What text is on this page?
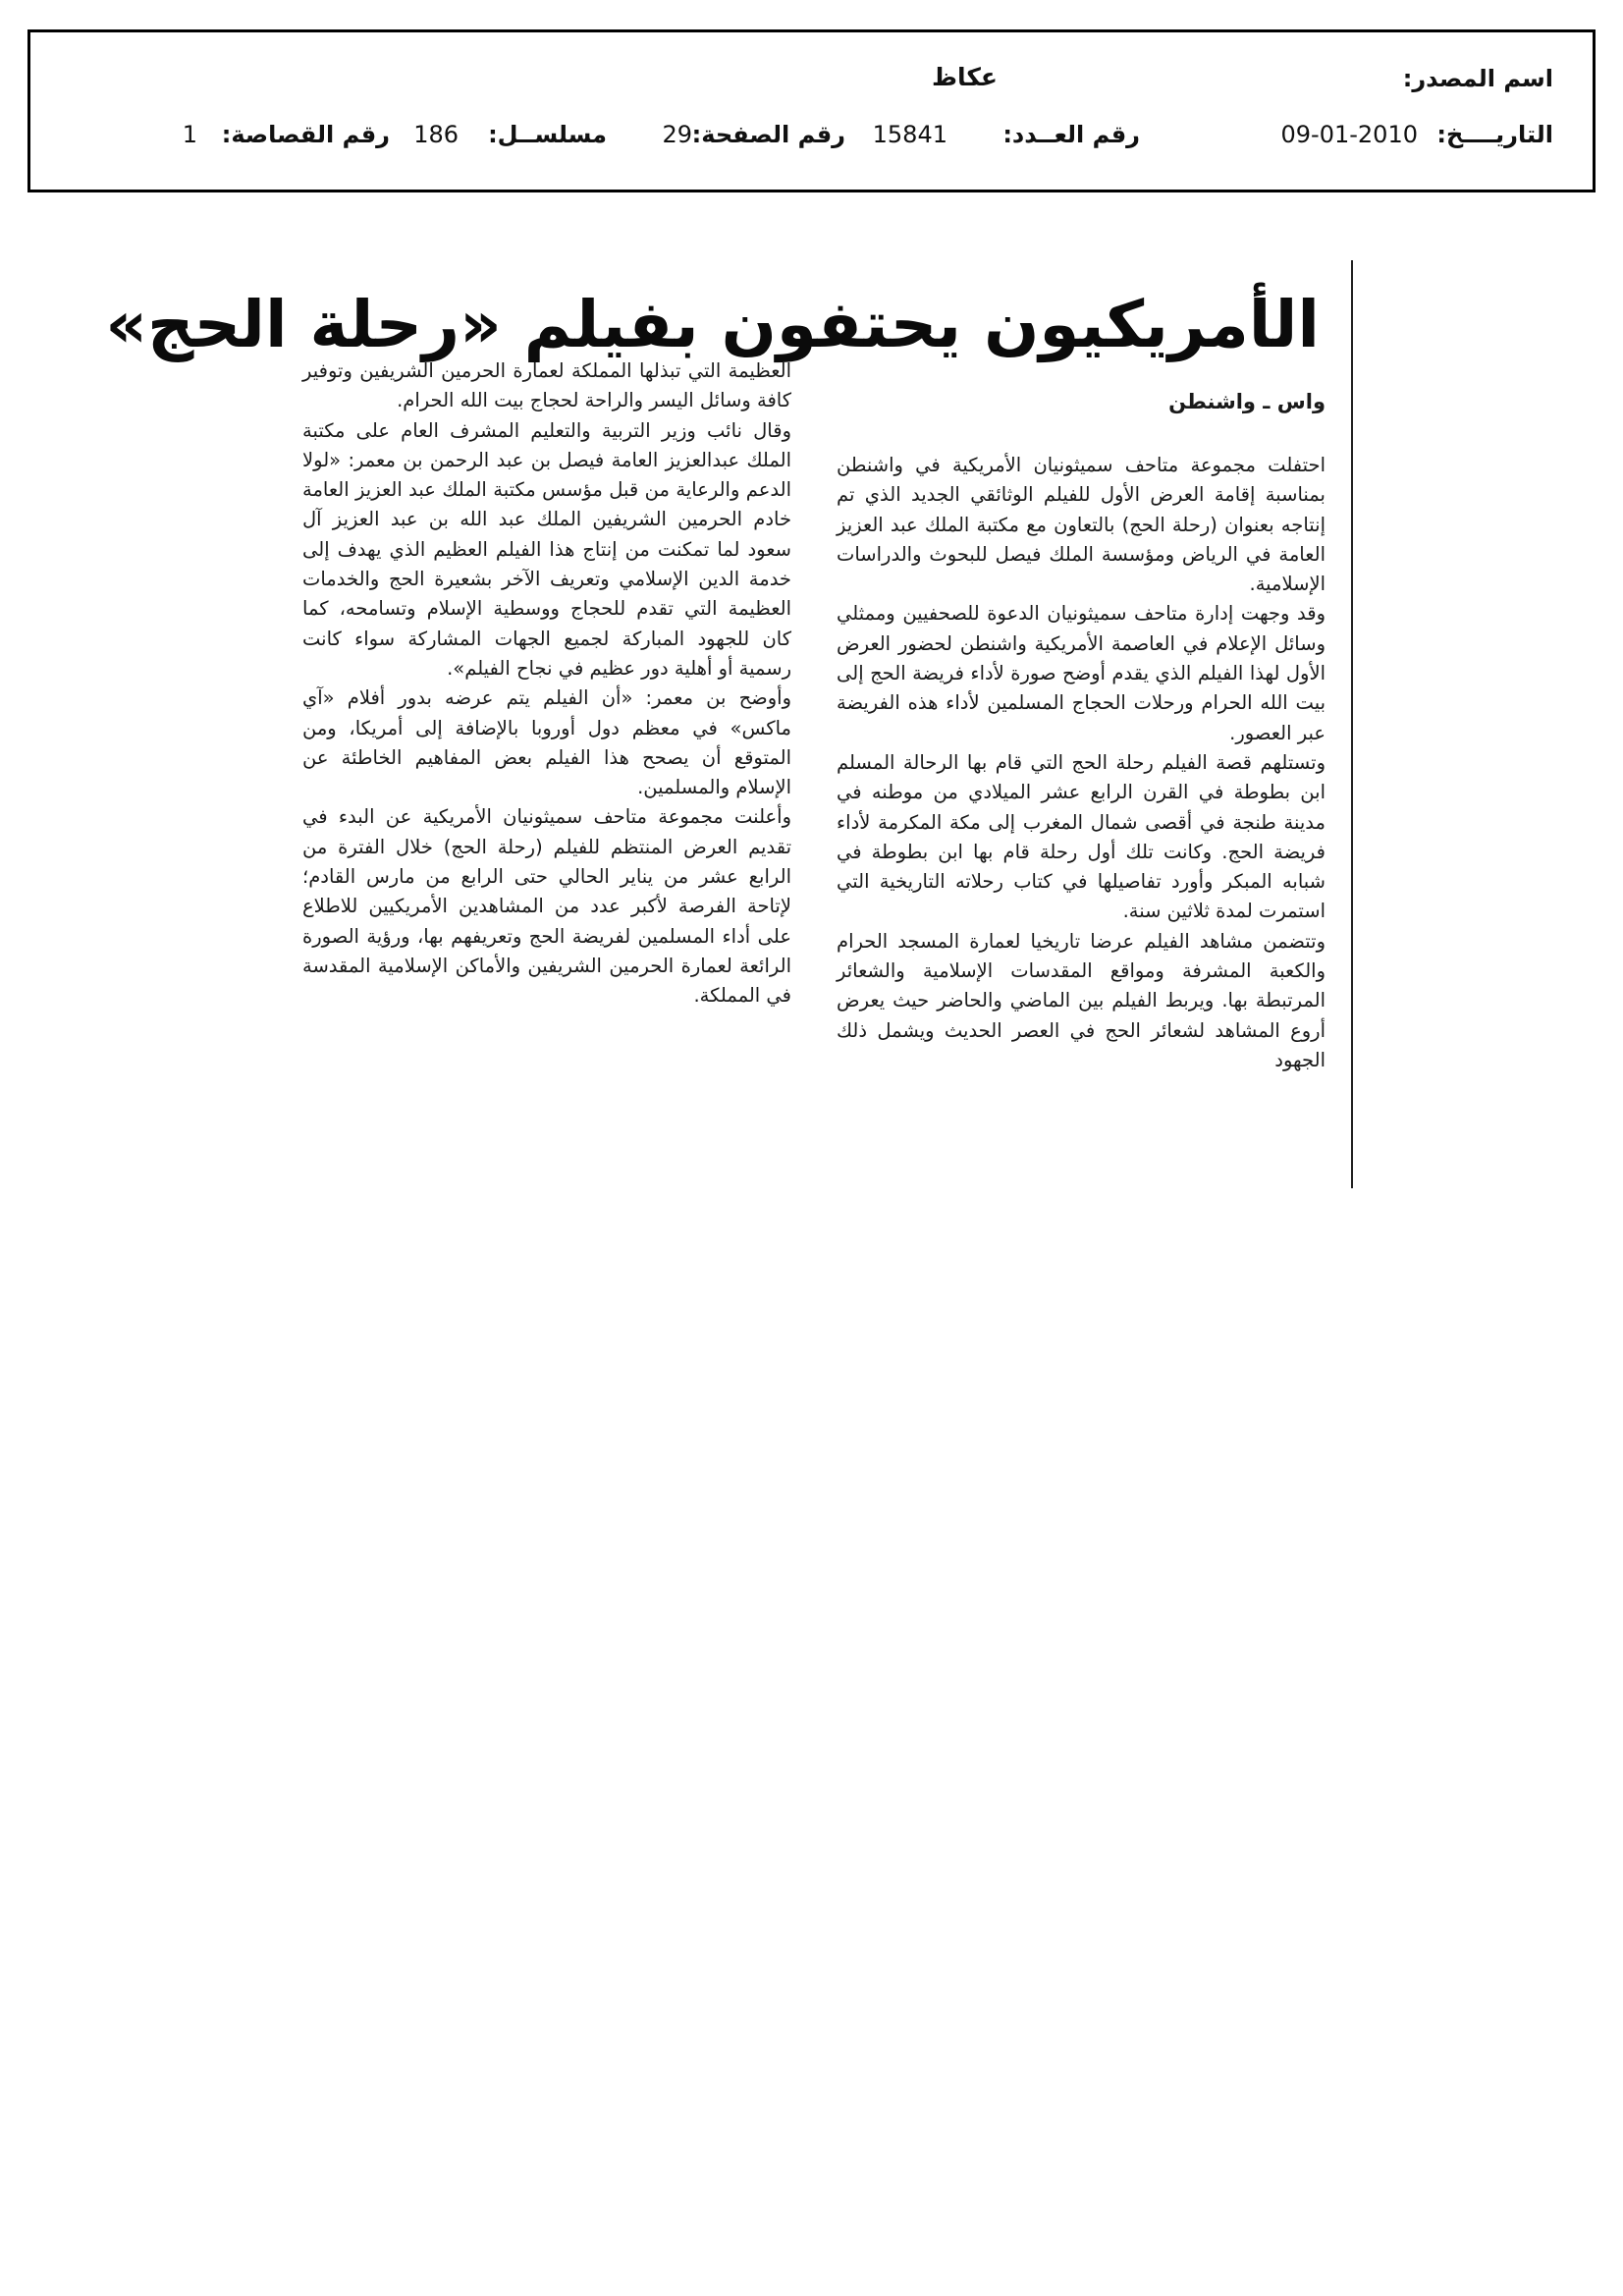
اسم المصدر:
عكاظ
التاريــــخ:
09-01-2010
رقم العــدد:
15841
رقم الصفحة:
29
مسلســل:
186
رقم القصاصة:
1
الأمريكيون يحتفون بفيلم «رحلة الحج»
واس ـ واشنطن

احتفلت مجموعة متاحف سميثونيان الأمريكية في واشنطن بمناسبة إقامة العرض الأول للفيلم الوثائقي الجديد الذي تم إنتاجه بعنوان (رحلة الحج) بالتعاون مع مكتبة الملك عبد العزيز العامة في الرياض ومؤسسة الملك فيصل للبحوث والدراسات الإسلامية.

وقد وجهت إدارة متاحف سميثونيان الدعوة للصحفيين وممثلي وسائل الإعلام في العاصمة الأمريكية واشنطن لحضور العرض الأول لهذا الفيلم الذي يقدم أوضح صورة لأداء فريضة الحج إلى بيت الله الحرام ورحلات الحجاج المسلمين لأداء هذه الفريضة عبر العصور.

وتستلهم قصة الفيلم رحلة الحج التي قام بها الرحالة المسلم ابن بطوطة في القرن الرابع عشر الميلادي من موطنه في مدينة طنجة في أقصى شمال المغرب إلى مكة المكرمة لأداء فريضة الحج. وكانت تلك أول رحلة قام بها ابن بطوطة في شبابه المبكر وأورد تفاصيلها في كتاب رحلاته التاريخية التي استمرت لمدة ثلاثين سنة.

وتتضمن مشاهد الفيلم عرضا تاريخيا لعمارة المسجد الحرام والكعبة المشرفة ومواقع المقدسات الإسلامية والشعائر المرتبطة بها. ويربط الفيلم بين الماضي والحاضر حيث يعرض أروع المشاهد لشعائر الحج في العصر الحديث ويشمل ذلك الجهود

العظيمة التي تبذلها المملكة لعمارة الحرمين الشريفين وتوفير كافة وسائل اليسر والراحة لحجاج بيت الله الحرام.

وقال نائب وزير التربية والتعليم المشرف العام على مكتبة الملك عبدالعزيز العامة فيصل بن عبد الرحمن بن معمر: «لولا الدعم والرعاية من قبل مؤسس مكتبة الملك عبد العزيز العامة خادم الحرمين الشريفين الملك عبد الله بن عبد العزيز آل سعود لما تمكنت من إنتاج هذا الفيلم العظيم الذي يهدف إلى خدمة الدين الإسلامي وتعريف الآخر بشعيرة الحج والخدمات العظيمة التي تقدم للحجاج ووسطية الإسلام وتسامحه، كما كان للجهود المباركة لجميع الجهات المشاركة سواء كانت رسمية أو أهلية دور عظيم في نجاح الفيلم».

وأوضح بن معمر: «أن الفيلم يتم عرضه بدور أفلام «آي ماكس» في معظم دول أوروبا بالإضافة إلى أمريكا، ومن المتوقع أن يصحح هذا الفيلم بعض المفاهيم الخاطئة عن الإسلام والمسلمين.

وأعلنت مجموعة متاحف سميثونيان الأمريكية عن البدء في تقديم العرض المنتظم للفيلم (رحلة الحج) خلال الفترة من الرابع عشر من يناير الحالي حتى الرابع من مارس القادم؛ لإتاحة الفرصة لأكبر عدد من المشاهدين الأمريكيين للاطلاع على أداء المسلمين لفريضة الحج وتعريفهم بها، ورؤية الصورة الرائعة لعمارة الحرمين الشريفين والأماكن الإسلامية المقدسة في المملكة.
